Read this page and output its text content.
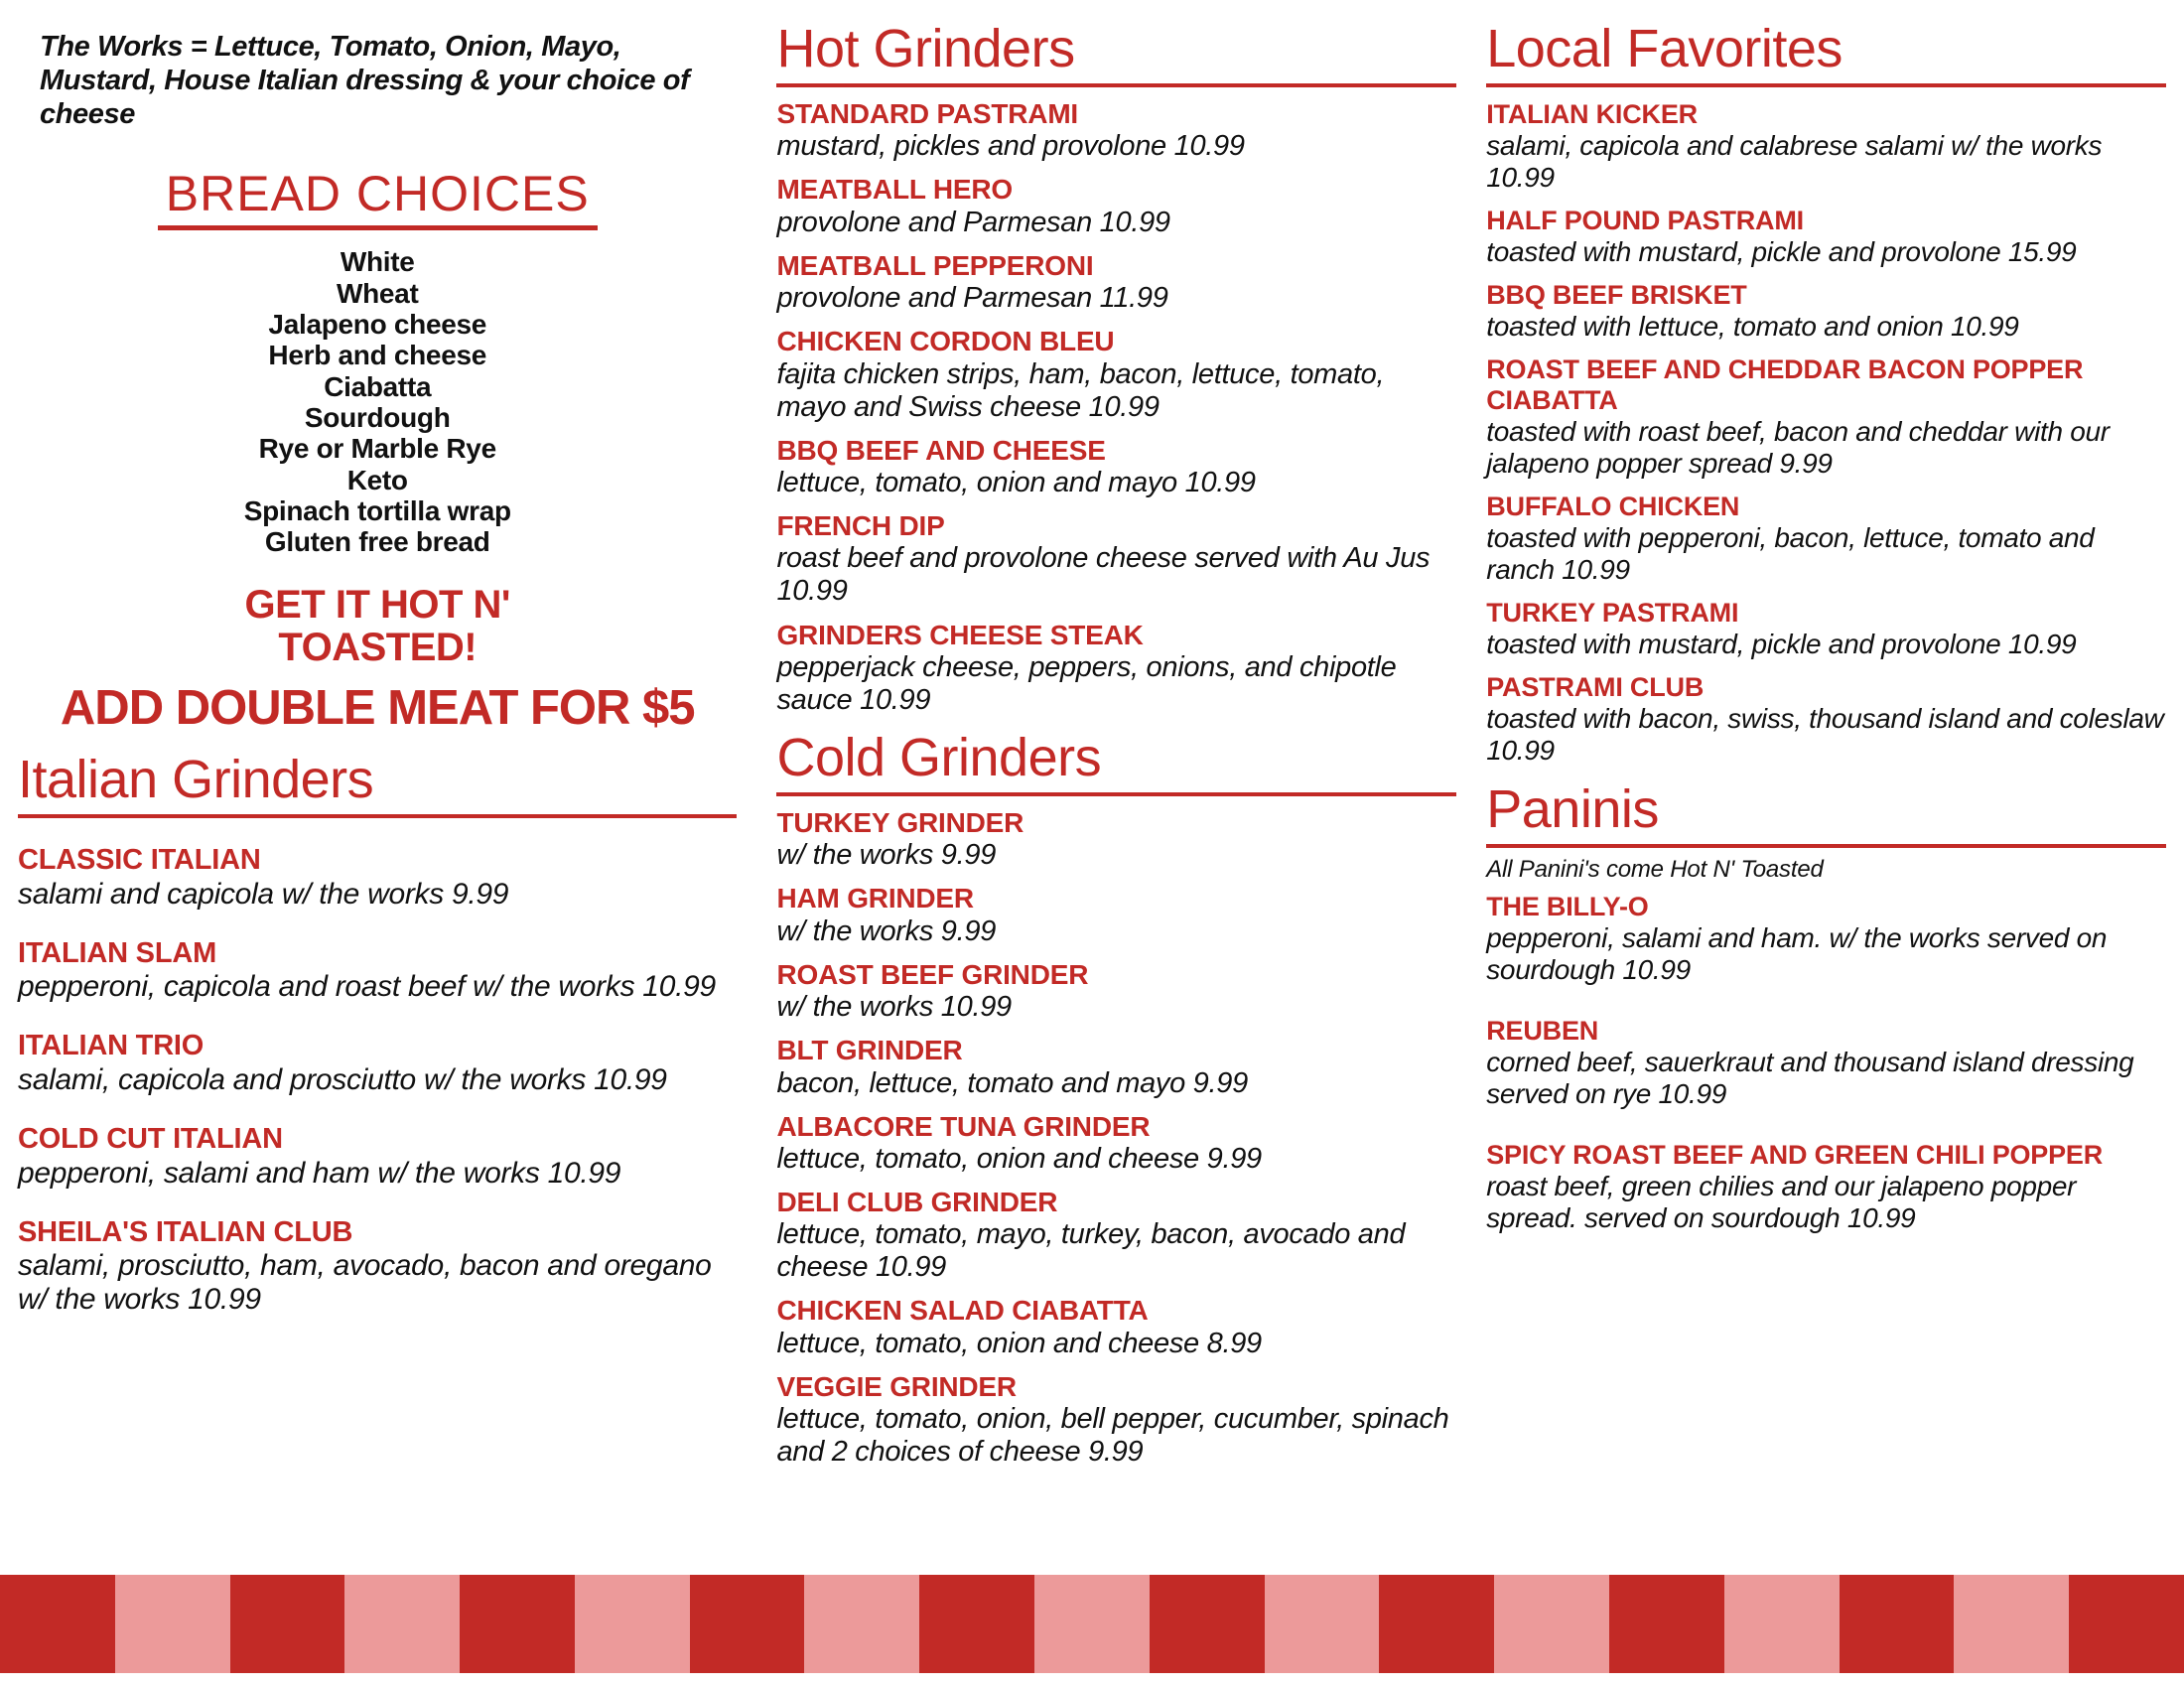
The Works = Lettuce, Tomato, Onion, Mayo, Mustard, House Italian dressing & your choice of cheese
BREAD CHOICES
White
Wheat
Jalapeno cheese
Herb and cheese
Ciabatta
Sourdough
Rye or Marble Rye
Keto
Spinach tortilla wrap
Gluten free bread
GET IT HOT N' TOASTED!
ADD DOUBLE MEAT FOR $5
Italian Grinders
CLASSIC ITALIAN
salami and capicola w/ the works 9.99
ITALIAN SLAM
pepperoni, capicola and roast beef w/ the works 10.99
ITALIAN TRIO
salami, capicola and prosciutto w/ the works 10.99
COLD CUT ITALIAN
pepperoni, salami and ham w/ the works 10.99
SHEILA'S ITALIAN CLUB
salami, prosciutto, ham, avocado, bacon and oregano w/ the works 10.99
Hot Grinders
STANDARD PASTRAMI
mustard, pickles and provolone 10.99
MEATBALL HERO
provolone and Parmesan 10.99
MEATBALL PEPPERONI
provolone and Parmesan 11.99
CHICKEN CORDON BLEU
fajita chicken strips, ham, bacon, lettuce, tomato, mayo and Swiss cheese 10.99
BBQ BEEF AND CHEESE
lettuce, tomato, onion and mayo 10.99
FRENCH DIP
roast beef and provolone cheese served with Au Jus 10.99
GRINDERS CHEESE STEAK
pepperjack cheese, peppers, onions, and chipotle sauce 10.99
Cold Grinders
TURKEY GRINDER
w/ the works 9.99
HAM GRINDER
w/ the works 9.99
ROAST BEEF GRINDER
w/ the works 10.99
BLT GRINDER
bacon, lettuce, tomato and mayo 9.99
ALBACORE TUNA GRINDER
lettuce, tomato, onion and cheese 9.99
DELI CLUB GRINDER
lettuce, tomato, mayo, turkey, bacon, avocado and cheese 10.99
CHICKEN SALAD CIABATTA
lettuce, tomato, onion and cheese 8.99
VEGGIE GRINDER
lettuce, tomato, onion, bell pepper, cucumber, spinach and 2 choices of cheese 9.99
Local Favorites
ITALIAN KICKER
salami, capicola and calabrese salami w/ the works 10.99
HALF POUND PASTRAMI
toasted with mustard, pickle and provolone 15.99
BBQ BEEF BRISKET
toasted with lettuce, tomato and onion 10.99
ROAST BEEF AND CHEDDAR BACON POPPER CIABATTA
toasted with roast beef, bacon and cheddar with our jalapeno popper spread 9.99
BUFFALO CHICKEN
toasted with pepperoni, bacon, lettuce, tomato and ranch 10.99
TURKEY PASTRAMI
toasted with mustard, pickle and provolone 10.99
PASTRAMI CLUB
toasted with bacon, swiss, thousand island and coleslaw 10.99
Paninis
All Panini's come Hot N' Toasted
THE BILLY-O
pepperoni, salami and ham. w/ the works served on sourdough 10.99
REUBEN
corned beef, sauerkraut and thousand island dressing served on rye 10.99
SPICY ROAST BEEF AND GREEN CHILI POPPER
roast beef, green chilies and our jalapeno popper spread. served on sourdough 10.99
